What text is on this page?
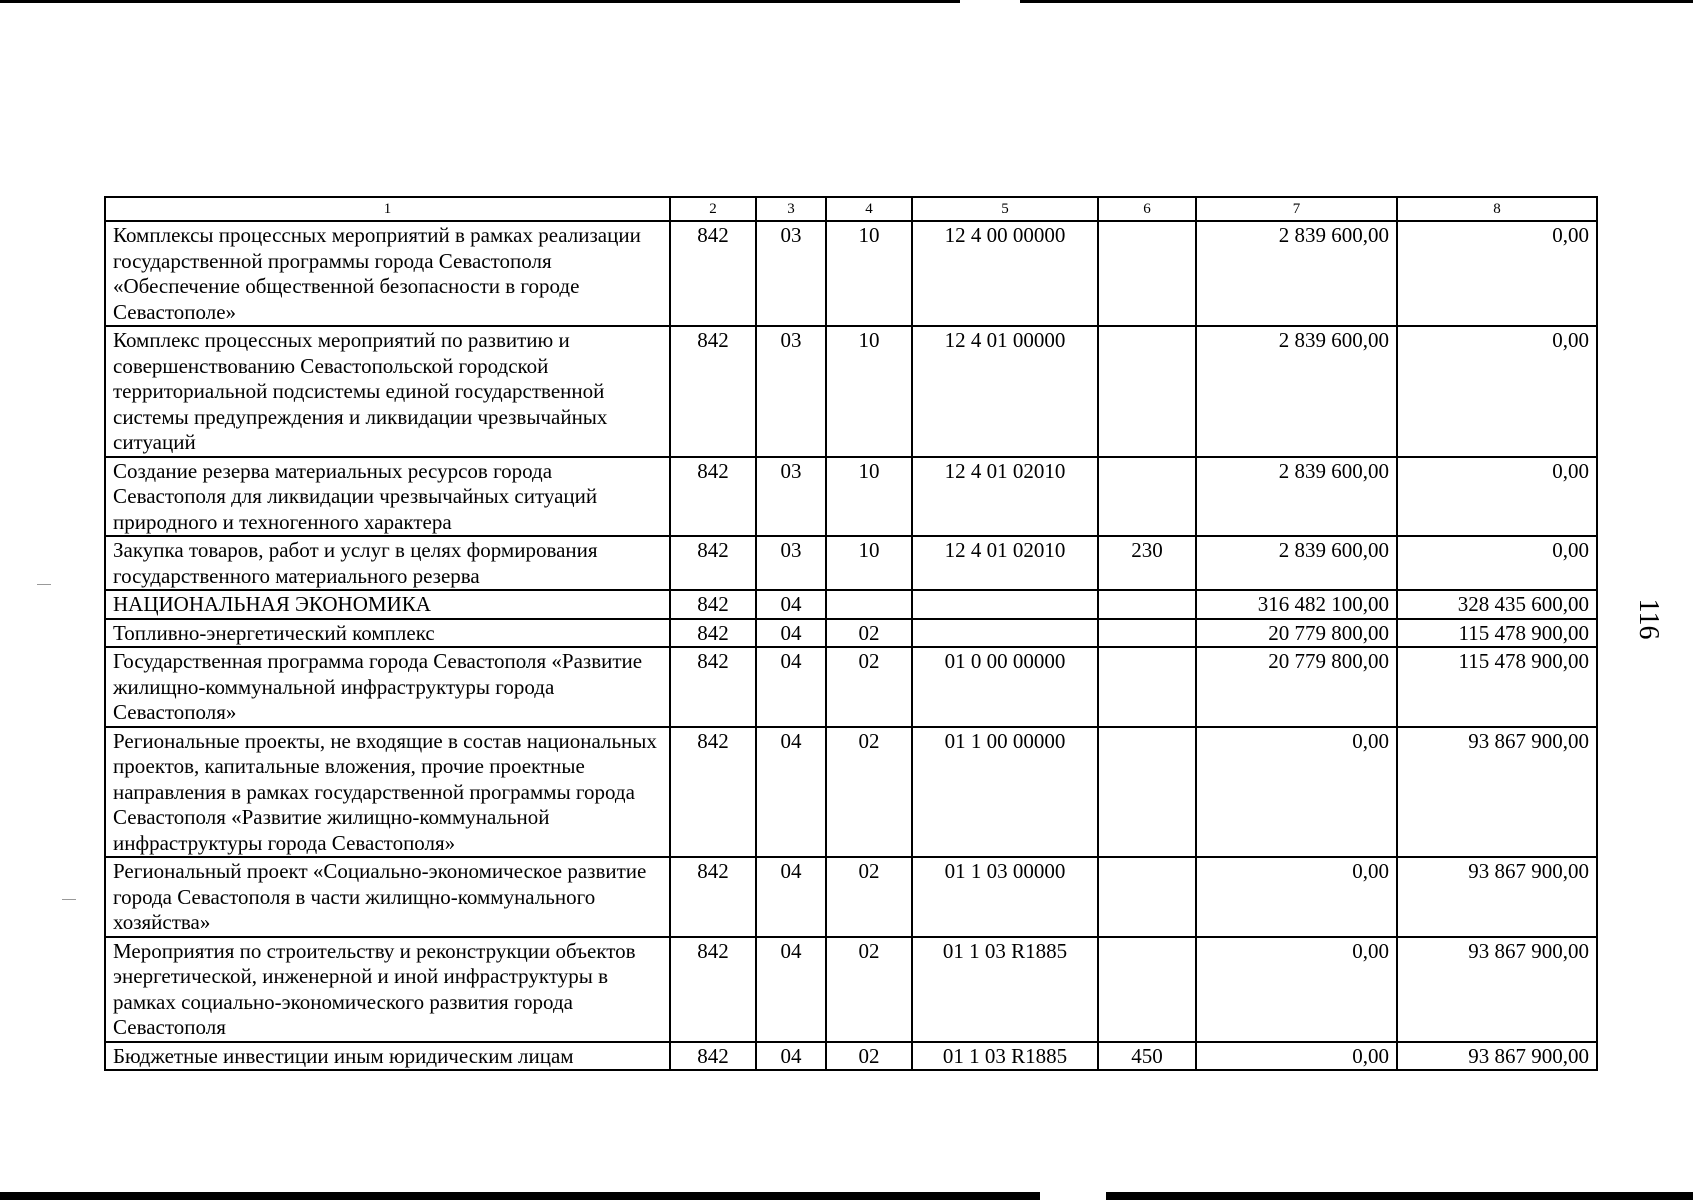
1	2	3	4	5	6	7	8
Комплексы процессных мероприятий в рамках реализации государственной программы города Севастополя «Обеспечение общественной безопасности в городе Севастополе»	842	03	10	12 4 00 00000		2 839 600,00	0,00
Комплекс процессных мероприятий по развитию и совершенствованию Севастопольской городской территориальной подсистемы единой государственной системы предупреждения и ликвидации чрезвычайных ситуаций	842	03	10	12 4 01 00000		2 839 600,00	0,00
Создание резерва материальных ресурсов города Севастополя для ликвидации чрезвычайных ситуаций природного и техногенного характера	842	03	10	12 4 01 02010		2 839 600,00	0,00
Закупка товаров, работ и услуг в целях формирования государственного материального резерва	842	03	10	12 4 01 02010	230	2 839 600,00	0,00
НАЦИОНАЛЬНАЯ ЭКОНОМИКА	842	04				316 482 100,00	328 435 600,00
Топливно-энергетический комплекс	842	04	02			20 779 800,00	115 478 900,00
Государственная программа города Севастополя «Развитие жилищно-коммунальной инфраструктуры города Севастополя»	842	04	02	01 0 00 00000		20 779 800,00	115 478 900,00
Региональные проекты, не входящие в состав национальных проектов, капитальные вложения, прочие проектные направления в рамках государственной программы города Севастополя «Развитие жилищно-коммунальной инфраструктуры города Севастополя»	842	04	02	01 1 00 00000		0,00	93 867 900,00
Региональный проект «Социально-экономическое развитие города Севастополя в части жилищно-коммунального хозяйства»	842	04	02	01 1 03 00000		0,00	93 867 900,00
Мероприятия по строительству и реконструкции объектов энергетической, инженерной и иной инфраструктуры в рамках социально-экономического развития города Севастополя	842	04	02	01 1 03 R1885		0,00	93 867 900,00
Бюджетные инвестиции иным юридическим лицам	842	04	02	01 1 03 R1885	450	0,00	93 867 900,00
116
